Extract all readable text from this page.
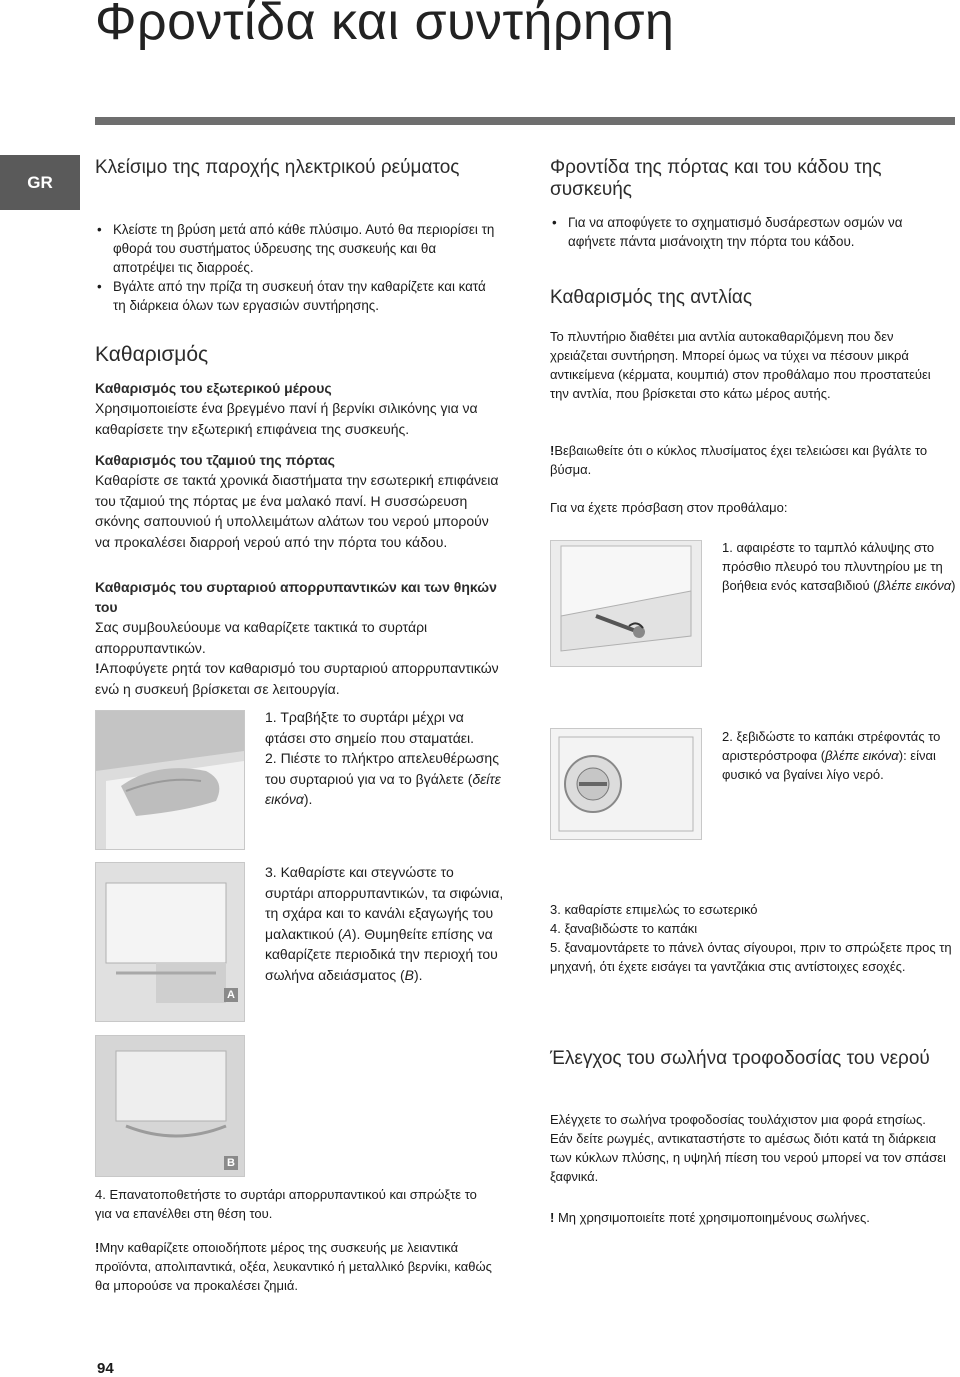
Φροντίδα και συντήρηση
GR
Κλείσιμο της παροχής ηλεκτρικού ρεύματος
• Κλείστε τη βρύση μετά από κάθε πλύσιμο. Αυτό θα περιορίσει τη φθορά του συστήματος ύδρευσης της συσκευής και θα αποτρέψει τις διαρροές.
• Βγάλτε από την πρίζα τη συσκευή όταν την καθαρίζετε και κατά τη διάρκεια όλων των εργασιών συντήρησης.
Καθαρισμός
Καθαρισμός του εξωτερικού μέρους
Χρησιμοποιείστε ένα βρεγμένο πανί ή βερνίκι σιλικόνης για να καθαρίσετε την εξωτερική επιφάνεια της συσκευής.
Καθαρισμός του τζαμιού της πόρτας
Καθαρίστε σε τακτά χρονικά διαστήματα την εσωτερική επιφάνεια του τζαμιού της πόρτας με ένα μαλακό πανί. Η συσσώρευση σκόνης σαπουνιού ή υπολλειμάτων αλάτων του νερού μπορούν να προκαλέσει διαρροή νερού από την πόρτα του κάδου.
Καθαρισμός του συρταριού απορρυπαντικών και των θηκών του
Σας συμβουλεύουμε να καθαρίζετε τακτικά το συρτάρι απορρυπαντικών.
!Αποφύγετε ρητά τον καθαρισμό του συρταριού απορρυπαντικών ενώ η συσκευή βρίσκεται σε λειτουργία.
1. Τραβήξτε το συρτάρι μέχρι να φτάσει στο σημείο που σταματάει.
2. Πιέστε το πλήκτρο απελευθέρωσης του συρταριού για να το βγάλετε (δείτε εικόνα).
A
3. Καθαρίστε και στεγνώστε το συρτάρι απορρυπαντικών, τα σιφώνια, τη σχάρα και το κανάλι εξαγωγής του μαλακτικού (A). Θυμηθείτε επίσης να καθαρίζετε περιοδικά την περιοχή του σωλήνα αδειάσματος (B).
B
4. Επανατοποθετήστε το συρτάρι απορρυπαντικού και σπρώξτε το για να επανέλθει στη θέση του.
!Μην καθαρίζετε οποιοδήποτε μέρος της συσκευής με λειαντικά προϊόντα, απολιπαντικά, οξέα, λευκαντικό ή μεταλλικό βερνίκι, καθώς θα μπορούσε να προκαλέσει ζημιά.
Φροντίδα της πόρτας και του κάδου της συσκευής
• Για να αποφύγετε το σχηματισμό δυσάρεστων οσμών να αφήνετε πάντα μισάνοιχτη την πόρτα του κάδου.
Καθαρισμός της αντλίας
Το πλυντήριο διαθέτει μια αντλία αυτοκαθαριζόμενη που δεν χρειάζεται συντήρηση. Μπορεί όμως να τύχει να πέσουν μικρά αντικείμενα (κέρματα, κουμπιά) στον προθάλαμο που προστατεύει την αντλία, που βρίσκεται στο κάτω μέρος αυτής.
!Βεβαιωθείτε ότι ο κύκλος πλυσίματος έχει τελειώσει και βγάλτε το βύσμα.
Για να έχετε πρόσβαση στον προθάλαμο:
1. αφαιρέστε το ταμπλό κάλυψης στο πρόσθιο πλευρό του πλυντηρίου με τη βοήθεια ενός κατσαβιδιού (βλέπε εικόνα)
2. ξεβιδώστε το καπάκι στρέφοντάς το αριστερόστροφα (βλέπε εικόνα): είναι φυσικό να βγαίνει λίγο νερό.
3. καθαρίστε επιμελώς το εσωτερικό
4. ξαναβιδώστε το καπάκι
5. ξαναμοντάρετε το πάνελ όντας σίγουροι, πριν το σπρώξετε προς τη μηχανή, ότι έχετε εισάγει τα γαντζάκια στις αντίστοιχες εσοχές.
Έλεγχος του σωλήνα τροφοδοσίας του νερού
Ελέγχετε το σωλήνα τροφοδοσίας τουλάχιστον μια φορά ετησίως. Εάν δείτε ρωγμές, αντικαταστήστε το αμέσως διότι κατά τη διάρκεια των κύκλων πλύσης, η υψηλή πίεση του νερού μπορεί να τον σπάσει ξαφνικά.
! Μη χρησιμοποιείτε ποτέ χρησιμοποιημένους σωλήνες.
94
